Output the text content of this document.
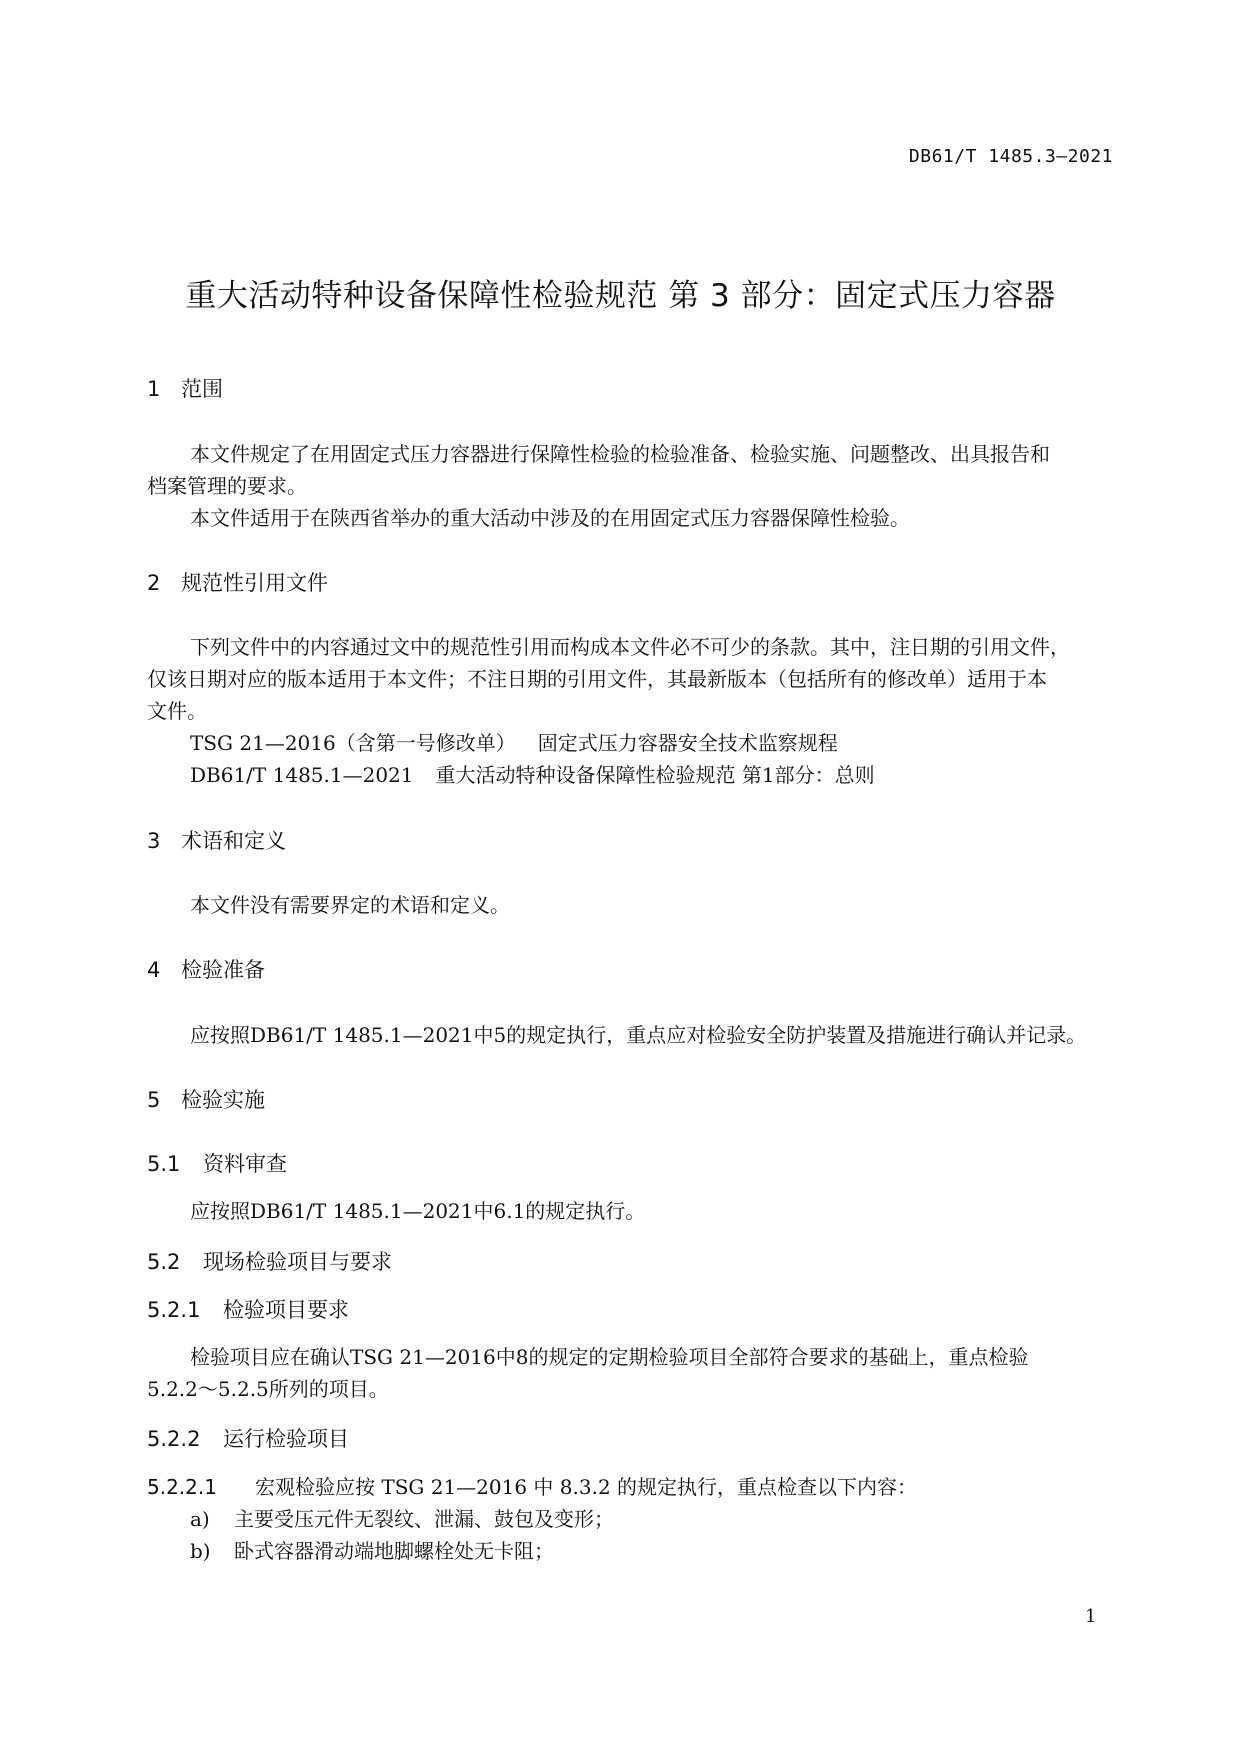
DB61/T 1485.3—2021
重大活动特种设备保障性检验规范 第 3 部分：固定式压力容器
1 范围
本文件规定了在用固定式压力容器进行保障性检验的检验准备、检验实施、问题整改、出具报告和
档案管理的要求。
本文件适用于在陕西省举办的重大活动中涉及的在用固定式压力容器保障性检验。
2 规范性引用文件
下列文件中的内容通过文中的规范性引用而构成本文件必不可少的条款。其中，注日期的引用文件，
仅该日期对应的版本适用于本文件；不注日期的引用文件，其最新版本（包括所有的修改单）适用于本
文件。
TSG 21—2016（含第一号修改单） 固定式压力容器安全技术监察规程
DB61/T 1485.1—2021 重大活动特种设备保障性检验规范 第1部分：总则
3 术语和定义
本文件没有需要界定的术语和定义。
4 检验准备
应按照DB61/T 1485.1—2021中5的规定执行，重点应对检验安全防护装置及措施进行确认并记录。
5 检验实施
5.1 资料审查
应按照DB61/T 1485.1—2021中6.1的规定执行。
5.2 现场检验项目与要求
5.2.1 检验项目要求
检验项目应在确认TSG 21—2016中8的规定的定期检验项目全部符合要求的基础上，重点检验
5.2.2～5.2.5所列的项目。
5.2.2 运行检验项目
5.2.2.1 宏观检验应按 TSG 21—2016 中 8.3.2 的规定执行，重点检查以下内容：
a) 主要受压元件无裂纹、泄漏、鼓包及变形；
b) 卧式容器滑动端地脚螺栓处无卡阻；
1
